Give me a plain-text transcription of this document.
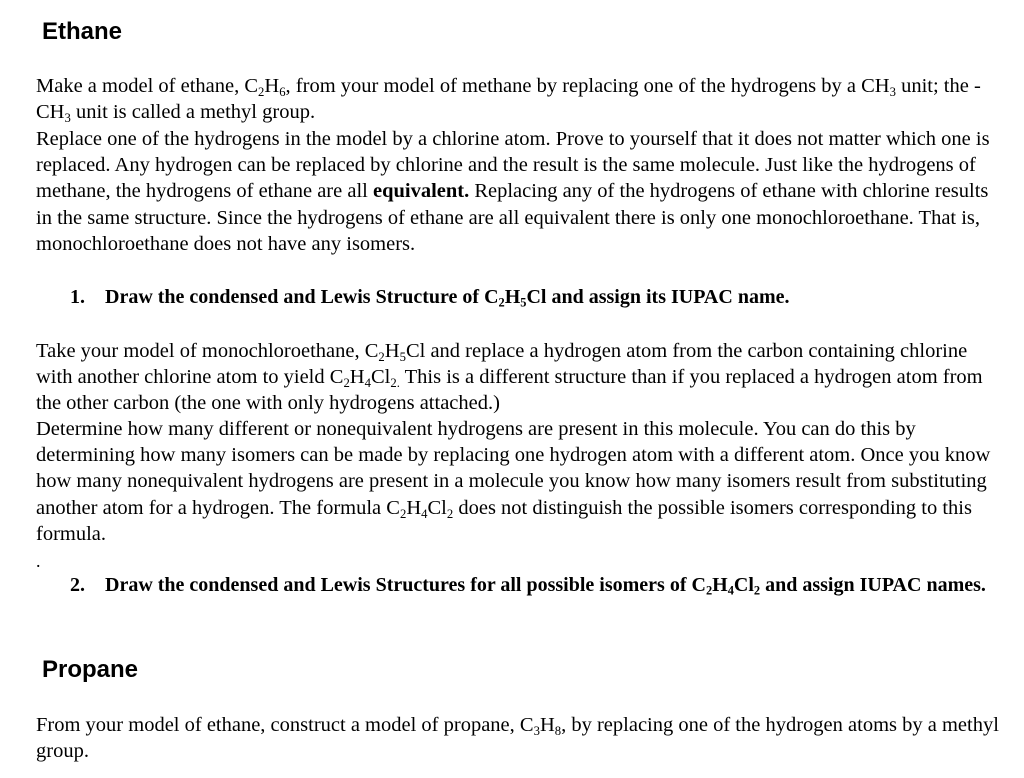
Ethane

Make a model of ethane, $C_2H_6$, from your model of methane by replacing one of the hydrogens by a $CH_3$ unit; the $-CH_3$ unit is called a methyl group.

Replace one of the hydrogens in the model by a chlorine atom. Prove to yourself that it does not matter which one is replaced. Any hydrogen can be replaced by chlorine and the result is the same molecule. Just like the hydrogens of methane, the hydrogens of ethane are all equivalent. Replacing any of the hydrogens of ethane with chlorine results in the same structure. Since the hydrogens of ethane are all equivalent there is only one monochloroethane. That is, monochloroethane does not have any isomers.

1. Draw the condensed and Lewis Structure of $C_2H_5Cl$ and assign its IUPAC name.

Take your model of monochloroethane, $C_2H_5Cl$ and replace a hydrogen atom from the carbon containing chlorine with another chlorine atom to yield $C_2H_4Cl_{2.}$ This is a different structure than if you replaced a hydrogen atom from the other carbon (the one with only hydrogens attached.)

Determine how many different or nonequivalent hydrogens are present in this molecule. You can do this by determining how many isomers can be made by replacing one hydrogen atom with a different atom. Once you know how many nonequivalent hydrogens are present in a molecule you know how many isomers result from substituting another atom for a hydrogen. The formula $C_2H_4Cl_2$ does not distinguish the possible isomers corresponding to this formula.

.
2. Draw the condensed and Lewis Structures for all possible isomers of $C_2H_4Cl_2$ and assign IUPAC names.
Propane

From your model of ethane, construct a model of propane, $C_3H_8$, by replacing one of the hydrogen atoms by a methyl group.
